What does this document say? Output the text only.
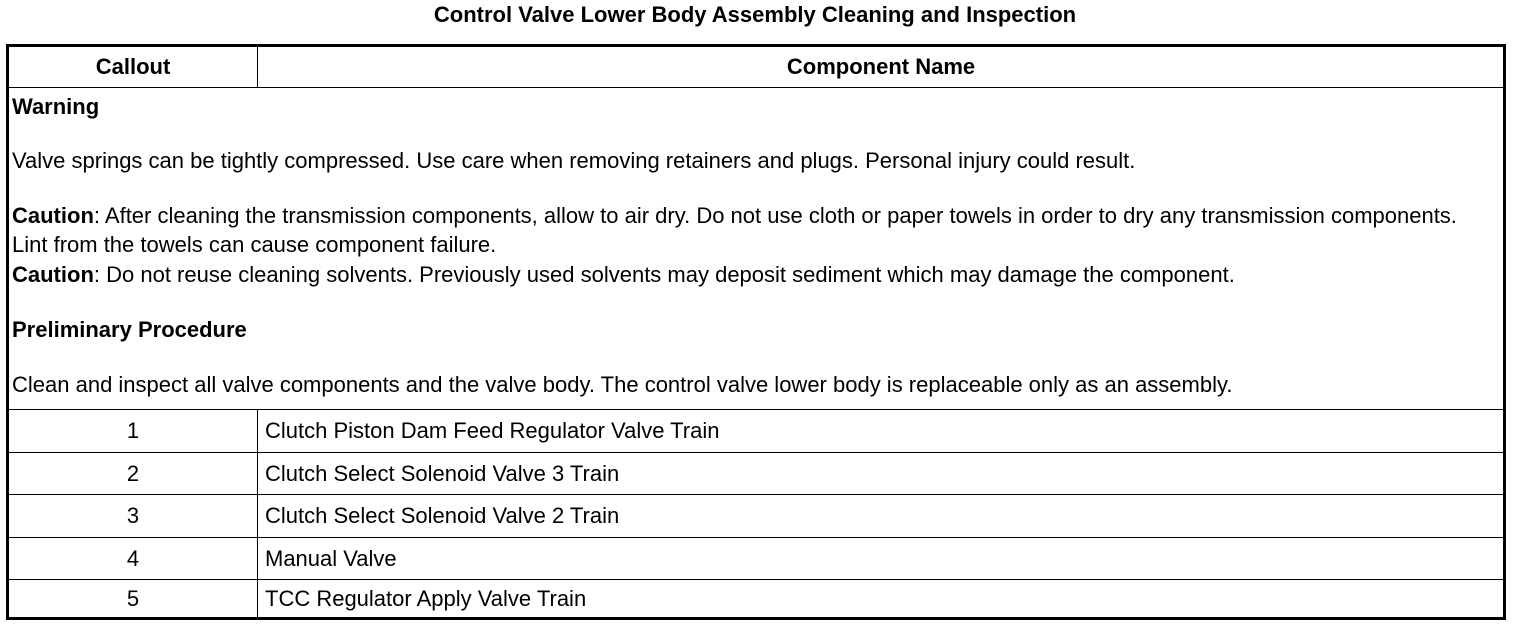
Control Valve Lower Body Assembly Cleaning and Inspection
Callout	Component Name

Warning

Valve springs can be tightly compressed. Use care when removing retainers and plugs. Personal injury could result.

Caution: After cleaning the transmission components, allow to air dry. Do not use cloth or paper towels in order to dry any transmission components. Lint from the towels can cause component failure.

Caution: Do not reuse cleaning solvents. Previously used solvents may deposit sediment which may damage the component.

Preliminary Procedure

Clean and inspect all valve components and the valve body. The control valve lower body is replaceable only as an assembly.

1	Clutch Piston Dam Feed Regulator Valve Train
2	Clutch Select Solenoid Valve 3 Train
3	Clutch Select Solenoid Valve 2 Train
4	Manual Valve
5	TCC Regulator Apply Valve Train
